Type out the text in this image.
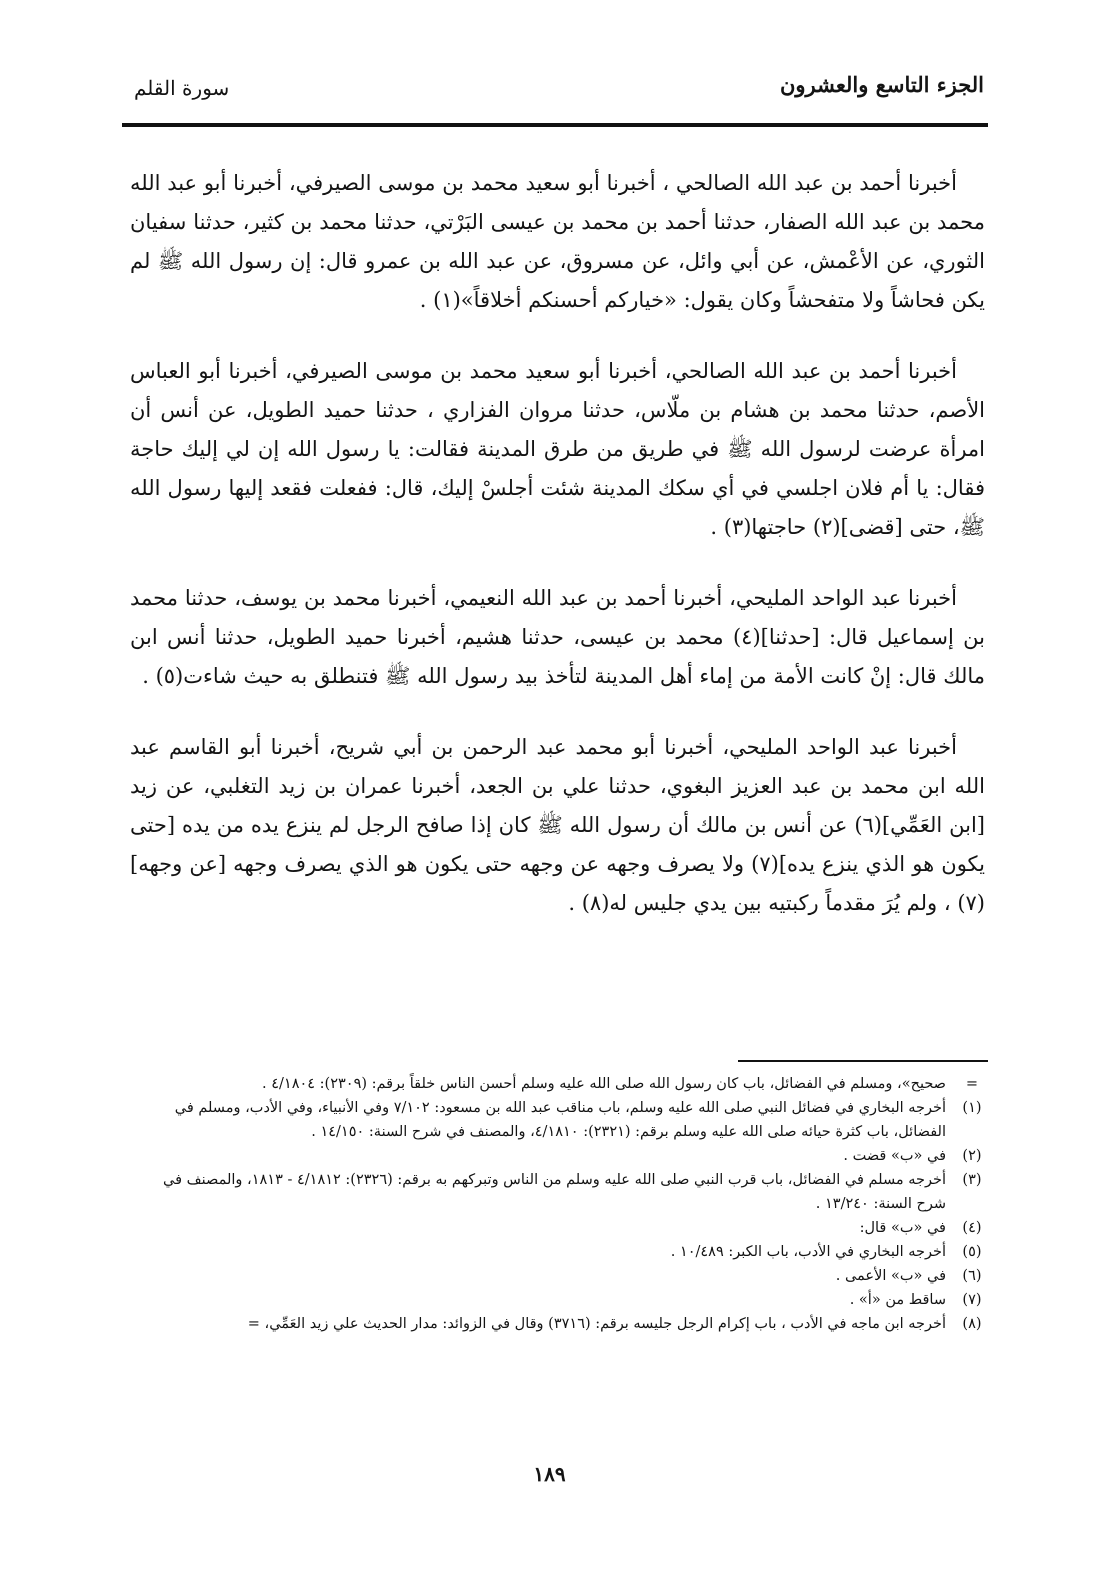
الجزء التاسع والعشرون
سورة القلم

أخبرنا أحمد بن عبد الله الصالحي ، أخبرنا أبو سعيد محمد بن موسى الصيرفي، أخبرنا أبو عبد الله محمد بن عبد الله الصفار، حدثنا أحمد بن محمد بن عيسى البَرْتي، حدثنا محمد بن كثير، حدثنا سفيان الثوري، عن الأعْمش، عن أبي وائل، عن مسروق، عن عبد الله بن عمرو قال: إن رسول الله ﷺ لم يكن فحاشاً ولا متفحشاً وكان يقول: «خياركم أحسنكم أخلاقاً»(١) .

أخبرنا أحمد بن عبد الله الصالحي، أخبرنا أبو سعيد محمد بن موسى الصيرفي، أخبرنا أبو العباس الأصم، حدثنا محمد بن هشام بن ملّاس، حدثنا مروان الفزاري ، حدثنا حميد الطويل، عن أنس أن امرأة عرضت لرسول الله ﷺ في طريق من طرق المدينة فقالت: يا رسول الله إن لي إليك حاجة فقال: يا أم فلان اجلسي في أي سكك المدينة شئت أجلسْ إليك، قال: ففعلت فقعد إليها رسول الله ﷺ، حتى [قضى](٢) حاجتها(٣) .

أخبرنا عبد الواحد المليحي، أخبرنا أحمد بن عبد الله النعيمي، أخبرنا محمد بن يوسف، حدثنا محمد بن إسماعيل قال: [حدثنا](٤) محمد بن عيسى، حدثنا هشيم، أخبرنا حميد الطويل، حدثنا أنس ابن مالك قال: إنْ كانت الأمة من إماء أهل المدينة لتأخذ بيد رسول الله ﷺ فتنطلق به حيث شاءت(٥) .

أخبرنا عبد الواحد المليحي، أخبرنا أبو محمد عبد الرحمن بن أبي شريح، أخبرنا أبو القاسم عبد الله ابن محمد بن عبد العزيز البغوي، حدثنا علي بن الجعد، أخبرنا عمران بن زيد التغلبي، عن زيد [ابن العَمِّي](٦) عن أنس بن مالك أن رسول الله ﷺ كان إذا صافح الرجل لم ينزع يده من يده [حتى يكون هو الذي ينزع يده](٧) ولا يصرف وجهه عن وجهه حتى يكون هو الذي يصرف وجهه [عن وجهه](٧) ، ولم يُرَ مقدماً ركبتيه بين يدي جليس له(٨) .

=
صحيح»، ومسلم في الفضائل، باب كان رسول الله صلى الله عليه وسلم أحسن الناس خلقاً برقم: (٢٣٠٩): ٤/١٨٠٤ .
(١)
أخرجه البخاري في فضائل النبي صلى الله عليه وسلم، باب مناقب عبد الله بن مسعود: ٧/١٠٢ وفي الأنبياء، وفي الأدب، ومسلم في الفضائل، باب كثرة حيائه صلى الله عليه وسلم برقم: (٢٣٢١): ٤/١٨١٠، والمصنف في شرح السنة: ١٤/١٥٠ .
(٢)
في «ب» قضت .
(٣)
أخرجه مسلم في الفضائل، باب قرب النبي صلى الله عليه وسلم من الناس وتبركهم به برقم: (٢٣٢٦): ٤/١٨١٢ - ١٨١٣، والمصنف في شرح السنة: ١٣/٢٤٠ .
(٤)
في «ب» قال:
(٥)
أخرجه البخاري في الأدب، باب الكبر: ١٠/٤٨٩ .
(٦)
في «ب» الأعمى .
(٧)
ساقط من «أ» .
(٨)
أخرجه ابن ماجه في الأدب ، باب إكرام الرجل جليسه برقم: (٣٧١٦) وقال في الزوائد: مدار الحديث علي زيد العَمِّي، =
١٨٩
